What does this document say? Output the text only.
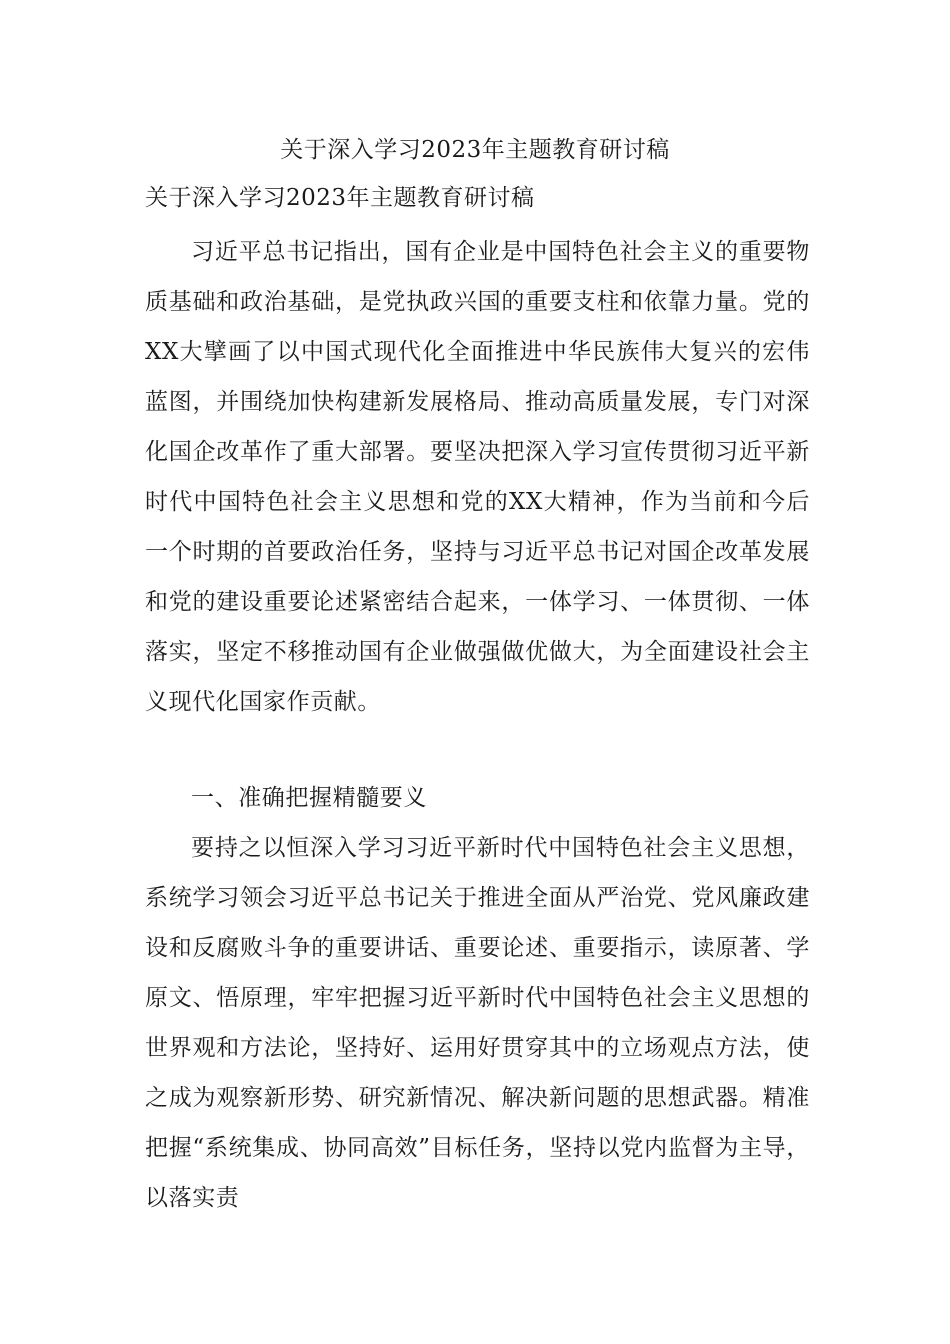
关于深入学习2023年主题教育研讨稿
关于深入学习2023年主题教育研讨稿

习近平总书记指出，国有企业是中国特色社会主义的重要物质基础和政治基础，是党执政兴国的重要支柱和依靠力量。党的XX大擘画了以中国式现代化全面推进中华民族伟大复兴的宏伟蓝图，并围绕加快构建新发展格局、推动高质量发展，专门对深化国企改革作了重大部署。要坚决把深入学习宣传贯彻习近平新时代中国特色社会主义思想和党的XX大精神，作为当前和今后一个时期的首要政治任务，坚持与习近平总书记对国企改革发展和党的建设重要论述紧密结合起来，一体学习、一体贯彻、一体落实，坚定不移推动国有企业做强做优做大，为全面建设社会主义现代化国家作贡献。

一、准确把握精髓要义

要持之以恒深入学习习近平新时代中国特色社会主义思想，系统学习领会习近平总书记关于推进全面从严治党、党风廉政建设和反腐败斗争的重要讲话、重要论述、重要指示，读原著、学原文、悟原理，牢牢把握习近平新时代中国特色社会主义思想的世界观和方法论，坚持好、运用好贯穿其中的立场观点方法，使之成为观察新形势、研究新情况、解决新问题的思想武器。精准把握“系统集成、协同高效”目标任务，坚持以党内监督为主导，以落实责
